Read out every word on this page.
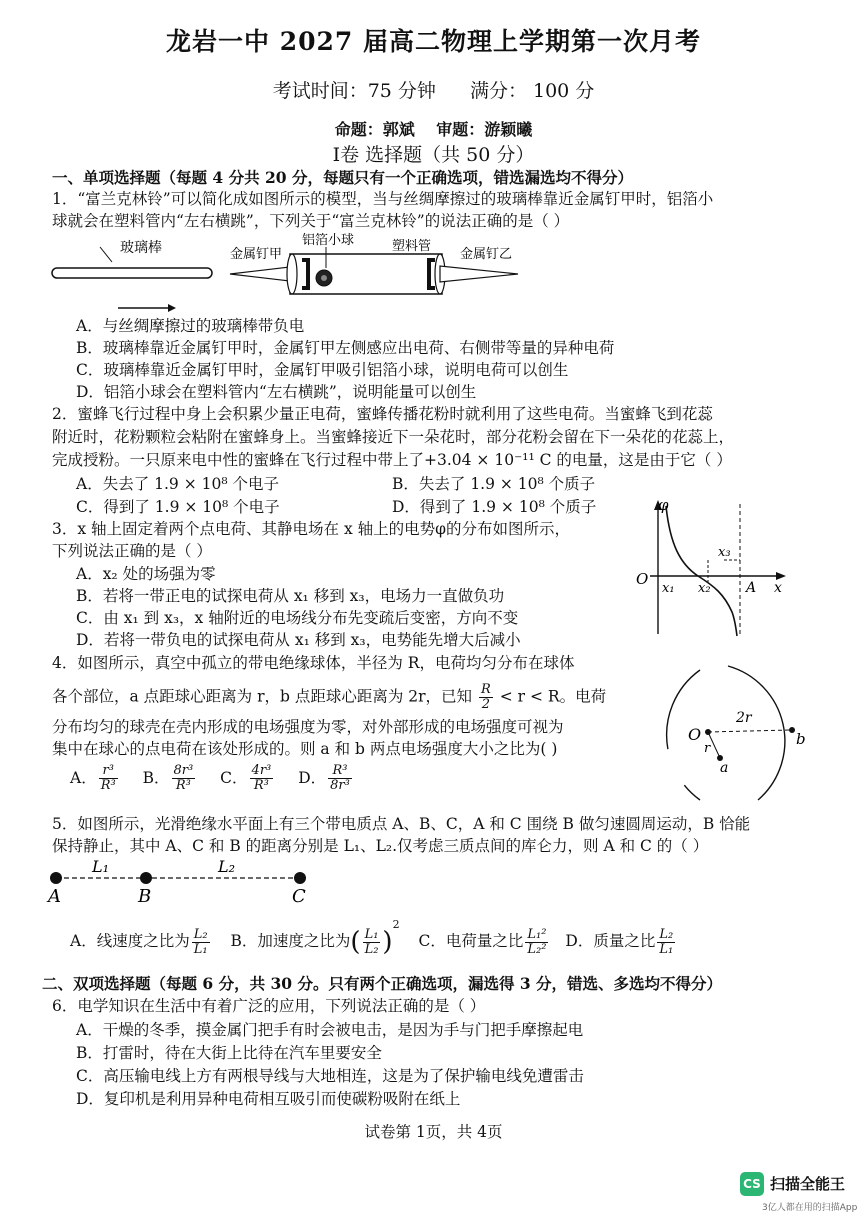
龙岩一中 2027 届高二物理上学期第一次月考
考试时间：75 分钟 满分： 100 分
命题：郭斌 审题：游颖曦
Ⅰ卷 选择题（共 50 分）
一、单项选择题（每题 4 分共 20 分，每题只有一个正确选项，错选漏选均不得分）
1．“富兰克林铃”可以简化成如图所示的模型，当与丝绸摩擦过的玻璃棒靠近金属钉甲时，铝箔小
球就会在塑料管内“左右横跳”，下列关于“富兰克林铃”的说法正确的是（ ）
玻璃棒	金属钉甲
铝箔小球	塑料管
金属钉乙
A．与丝绸摩擦过的玻璃棒带负电
B．玻璃棒靠近金属钉甲时，金属钉甲左侧感应出电荷、右侧带等量的异种电荷
C．玻璃棒靠近金属钉甲时，金属钉甲吸引铝箔小球，说明电荷可以创生
D．铝箔小球会在塑料管内“左右横跳”，说明能量可以创生
2．蜜蜂飞行过程中身上会积累少量正电荷，蜜蜂传播花粉时就利用了这些电荷。当蜜蜂飞到花蕊
附近时，花粉颗粒会粘附在蜜蜂身上。当蜜蜂接近下一朵花时，部分花粉会留在下一朵花的花蕊上，
完成授粉。一只原来电中性的蜜蜂在飞行过程中带上了+3.04 × 10⁻¹¹ C 的电量，这是由于它（ ）
A．失去了 1.9 × 10⁸ 个电子	B．失去了 1.9 × 10⁸ 个质子
C．得到了 1.9 × 10⁸ 个电子	D．得到了 1.9 × 10⁸ 个质子
3．x 轴上固定着两个点电荷、其静电场在 x 轴上的电势φ的分布如图所示，
下列说法正确的是（ ）
A．x₂ 处的场强为零
B．若将一带正电的试探电荷从 x₁ 移到 x₃，电场力一直做负功
C．由 x₁ 到 x₃，x 轴附近的电场线分布先变疏后变密，方向不变
D．若将一带负电的试探电荷从 x₁ 移到 x₃，电势能先增大后减小
φ
O
x₁ x₂
x₃
A x
4．如图所示，真空中孤立的带电绝缘球体，半径为 R，电荷均匀分布在球体
各个部位，a 点距球心距离为 r，b 点距球心距离为 2r，已知 $\frac{R}{2} < r < R$。电荷
分布均匀的球壳在壳内形成的电场强度为零，对外部形成的电场强度可视为
集中在球心的点电荷在该处形成的。则 a 和 b 两点电场强度大小之比为( )
A． $\frac{\text{r³}}{\text{R³}}$ B． $\frac{\text{8r³}}{\text{R³}}$ C． $\frac{\text{4r³}}{\text{R³}}$ D． $\frac{\text{R³}}{\text{8r³}}$
O
r
a
b
2r
5．如图所示，光滑绝缘水平面上有三个带电质点 A、B、C，A 和 C 围绕 B 做匀速圆周运动，B 恰能
保持静止，其中 A、C 和 B 的距离分别是 L₁、L₂.仅考虑三质点间的库仑力，则 A 和 C 的（ ）
L₁	L₂
A	B	C
A．线速度之比为 $\frac{\text{L₂}}{\text{L₁}}$ B．加速度之比为( $\frac{\text{L₁}}{\text{L₂}} )^2$ C．电荷量之比 $\frac{\text{L₁²}}{\text{L₂²}}$ D．质量之比 $\frac{\text{L₂}}{\text{L₁}}$
二、双项选择题（每题 6 分，共 30 分。只有两个正确选项，漏选得 3 分，错选、多选均不得分）
6．电学知识在生活中有着广泛的应用，下列说法正确的是（ ）
A．干燥的冬季，摸金属门把手有时会被电击，是因为手与门把手摩擦起电
B．打雷时，待在大街上比待在汽车里要安全
C．高压输电线上方有两根导线与大地相连，这是为了保护输电线免遭雷击
D．复印机是利用异种电荷相互吸引而使碳粉吸附在纸上
试卷第 1页，共 4页
CS 扫描全能王
3亿人都在用的扫描App
